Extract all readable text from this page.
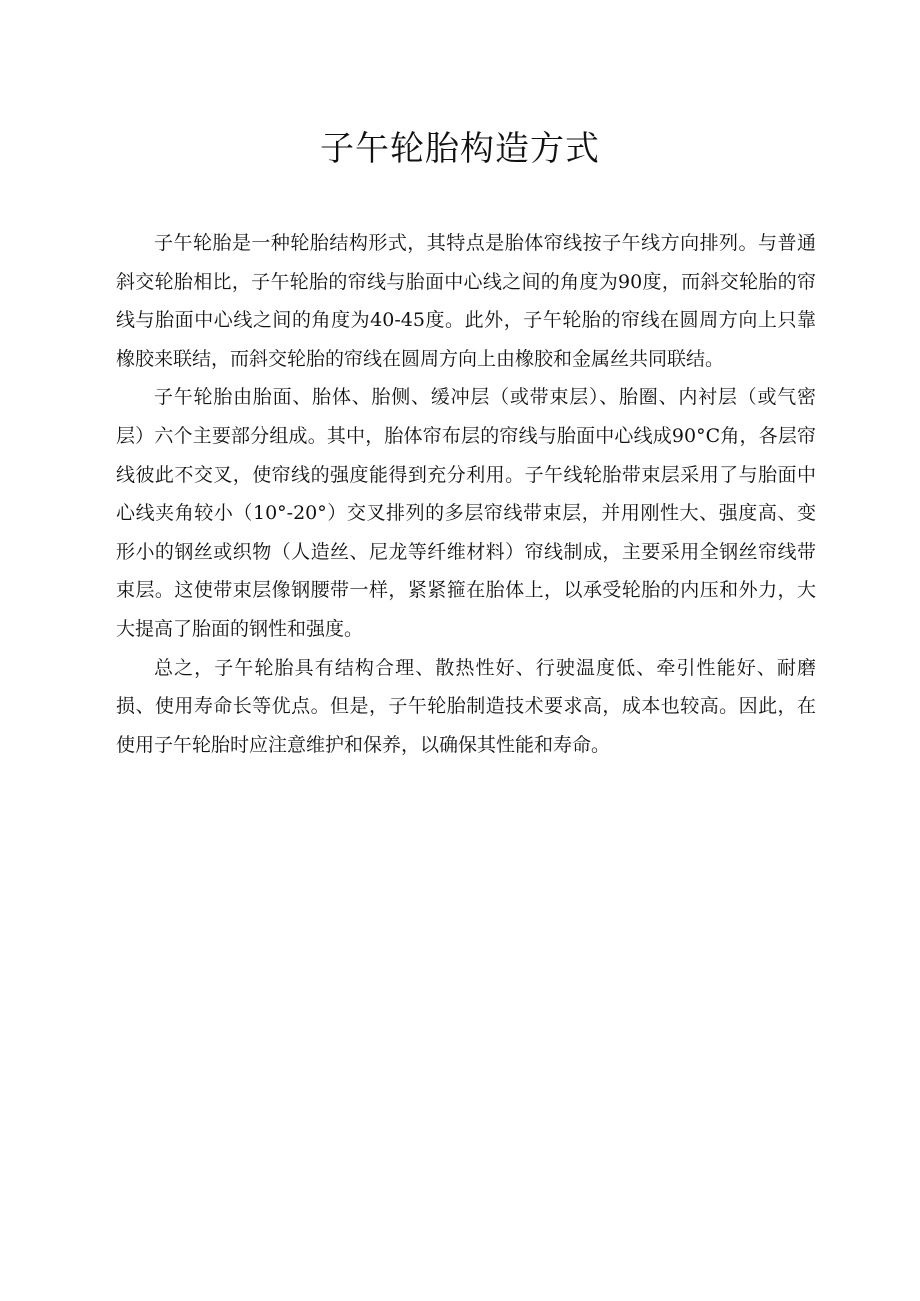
子午轮胎构造方式

子午轮胎是一种轮胎结构形式，其特点是胎体帘线按子午线方向排列。与普通斜交轮胎相比，子午轮胎的帘线与胎面中心线之间的角度为90度，而斜交轮胎的帘线与胎面中心线之间的角度为40-45度。此外，子午轮胎的帘线在圆周方向上只靠橡胶来联结，而斜交轮胎的帘线在圆周方向上由橡胶和金属丝共同联结。

子午轮胎由胎面、胎体、胎侧、缓冲层（或带束层）、胎圈、内衬层（或气密层）六个主要部分组成。其中，胎体帘布层的帘线与胎面中心线成90°C角，各层帘线彼此不交叉，使帘线的强度能得到充分利用。子午线轮胎带束层采用了与胎面中心线夹角较小（10°-20°）交叉排列的多层帘线带束层，并用刚性大、强度高、变形小的钢丝或织物（人造丝、尼龙等纤维材料）帘线制成，主要采用全钢丝帘线带束层。这使带束层像钢腰带一样，紧紧箍在胎体上，以承受轮胎的内压和外力，大大提高了胎面的钢性和强度。

总之，子午轮胎具有结构合理、散热性好、行驶温度低、牵引性能好、耐磨损、使用寿命长等优点。但是，子午轮胎制造技术要求高，成本也较高。因此，在使用子午轮胎时应注意维护和保养，以确保其性能和寿命。
